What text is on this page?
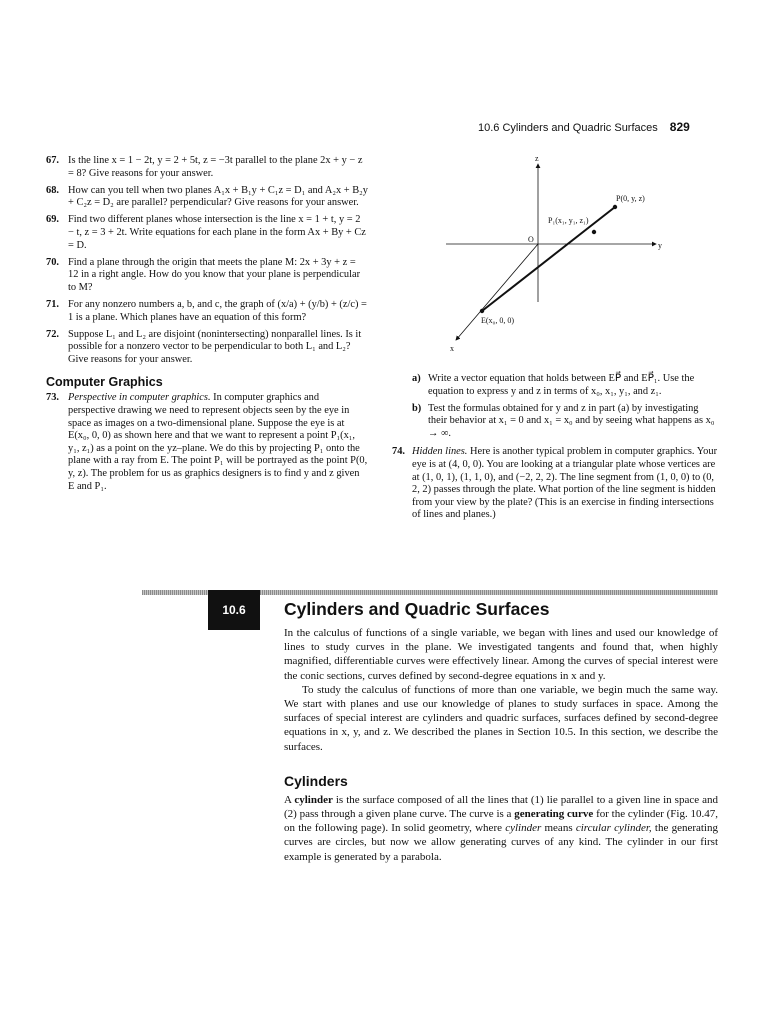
10.6 Cylinders and Quadric Surfaces 829
67. Is the line x = 1 − 2t, y = 2 + 5t, z = −3t parallel to the plane 2x + y − z = 8? Give reasons for your answer.
68. How can you tell when two planes A₁x + B₁y + C₁z = D₁ and A₂x + B₂y + C₂z = D₂ are parallel? perpendicular? Give reasons for your answer.
69. Find two different planes whose intersection is the line x = 1 + t, y = 2 − t, z = 3 + 2t. Write equations for each plane in the form Ax + By + Cz = D.
70. Find a plane through the origin that meets the plane M: 2x + 3y + z = 12 in a right angle. How do you know that your plane is perpendicular to M?
71. For any nonzero numbers a, b, and c, the graph of (x/a) + (y/b) + (z/c) = 1 is a plane. Which planes have an equation of this form?
72. Suppose L₁ and L₂ are disjoint (nonintersecting) nonparallel lines. Is it possible for a nonzero vector to be perpendicular to both L₁ and L₂? Give reasons for your answer.
Computer Graphics
73. Perspective in computer graphics. In computer graphics and perspective drawing we need to represent objects seen by the eye in space as images on a two-dimensional plane. Suppose the eye is at E(x₀, 0, 0) as shown here and that we want to represent a point P₁(x₁, y₁, z₁) as a point on the yz–plane. We do this by projecting P₁ onto the plane with a ray from E. The point P₁ will be portrayed as the point P(0, y, z). The problem for us as graphics designers is to find y and z given E and P₁.
z
y
x
O
P(0, y, z)
P₁(x₁, y₁, z₁)
E(x₀, 0, 0)
a) Write a vector equation that holds between EP⃗ and EP⃗₁. Use the equation to express y and z in terms of x₀, x₁, y₁, and z₁.
b) Test the formulas obtained for y and z in part (a) by investigating their behavior at x₁ = 0 and x₁ = x₀ and by seeing what happens as x₀ → ∞.
74. Hidden lines. Here is another typical problem in computer graphics. Your eye is at (4, 0, 0). You are looking at a triangular plate whose vertices are at (1, 0, 1), (1, 1, 0), and (−2, 2, 2). The line segment from (1, 0, 0) to (0, 2, 2) passes through the plate. What portion of the line segment is hidden from your view by the plate? (This is an exercise in finding intersections of lines and planes.)
10.6	Cylinders and Quadric Surfaces

In the calculus of functions of a single variable, we began with lines and used our knowledge of lines to study curves in the plane. We investigated tangents and found that, when highly magnified, differentiable curves were effectively linear. Among the curves of special interest were the conic sections, curves defined by second-degree equations in x and y.

To study the calculus of functions of more than one variable, we begin much the same way. We start with planes and use our knowledge of planes to study surfaces in space. Among the surfaces of special interest are cylinders and quadric surfaces, surfaces defined by second-degree equations in x, y, and z. We described the planes in Section 10.5. In this section, we describe the surfaces.

Cylinders

A cylinder is the surface composed of all the lines that (1) lie parallel to a given line in space and (2) pass through a given plane curve. The curve is a generating curve for the cylinder (Fig. 10.47, on the following page). In solid geometry, where cylinder means circular cylinder, the generating curves are circles, but now we allow generating curves of any kind. The cylinder in our first example is generated by a parabola.
